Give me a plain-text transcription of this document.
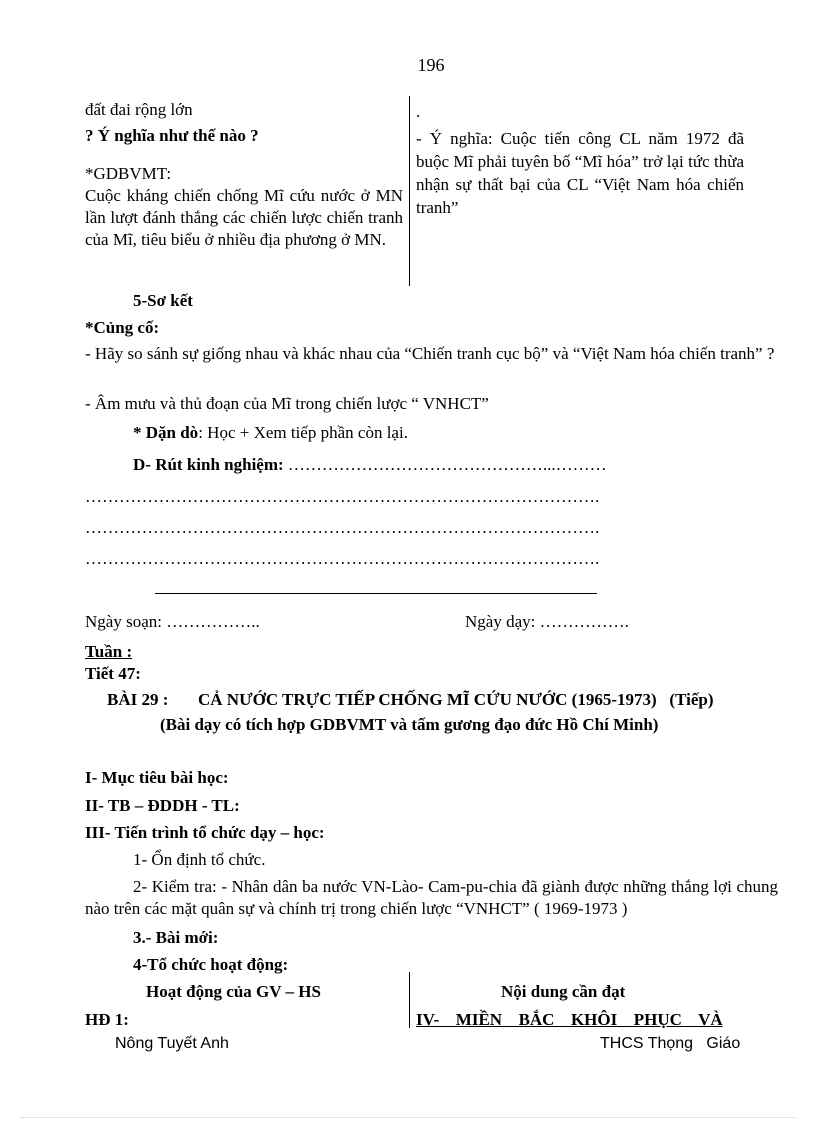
196
đất đai rộng lớn
? Ý nghĩa như thế nào ?
*GDBVMT:
Cuộc kháng chiến chống Mĩ cứu nước ở MN lần lượt đánh thắng các chiến lược chiến tranh của Mĩ, tiêu biểu ở nhiều địa phương ở MN.
.
- Ý nghĩa: Cuộc tiến công CL năm 1972 đã buộc Mĩ phải tuyên bố “Mĩ hóa” trở lại tức thừa nhận sự thất bại của CL “Việt Nam hóa chiến tranh”
5-Sơ kết
*Củng cố:
- Hãy so sánh sự giống nhau và khác nhau của “Chiến tranh cục bộ” và “Việt Nam hóa chiến tranh” ?
- Âm mưu và thủ đoạn của Mĩ trong chiến lược “ VNHCT”
* Dặn dò: Học + Xem tiếp phần còn lại.
D- Rút kinh nghiệm: ………………………………………...………
……………………………………………………………………………….
……………………………………………………………………………….
……………………………………………………………………………….
Ngày soạn: ……………..	Ngày dạy: …………….
Tuần :
Tiết 47:
BÀI 29 : CẢ NƯỚC TRỰC TIẾP CHỐNG MĨ CỨU NƯỚC (1965-1973)   (Tiếp)
(Bài dạy có tích hợp GDBVMT và tấm gương đạo đức Hồ Chí Minh)
I- Mục tiêu bài học:
II- TB – ĐDDH - TL:
III- Tiến trình tổ chức dạy – học:
1- Ổn định tổ chức.
2- Kiểm tra: - Nhân dân ba nước VN-Lào- Cam-pu-chia đã giành được những thắng lợi chung nào trên các mặt quân sự và chính trị trong chiến lược “VNHCT” ( 1969-1973 )
3.- Bài mới:
4-Tổ chức hoạt động:
Hoạt động của GV – HS	Nội dung cần đạt
HĐ 1:	IV-  MIỀN  BẮC  KHÔI  PHỤC  VÀ
Nông Tuyết Anh	THCS Thọng   Giáo
